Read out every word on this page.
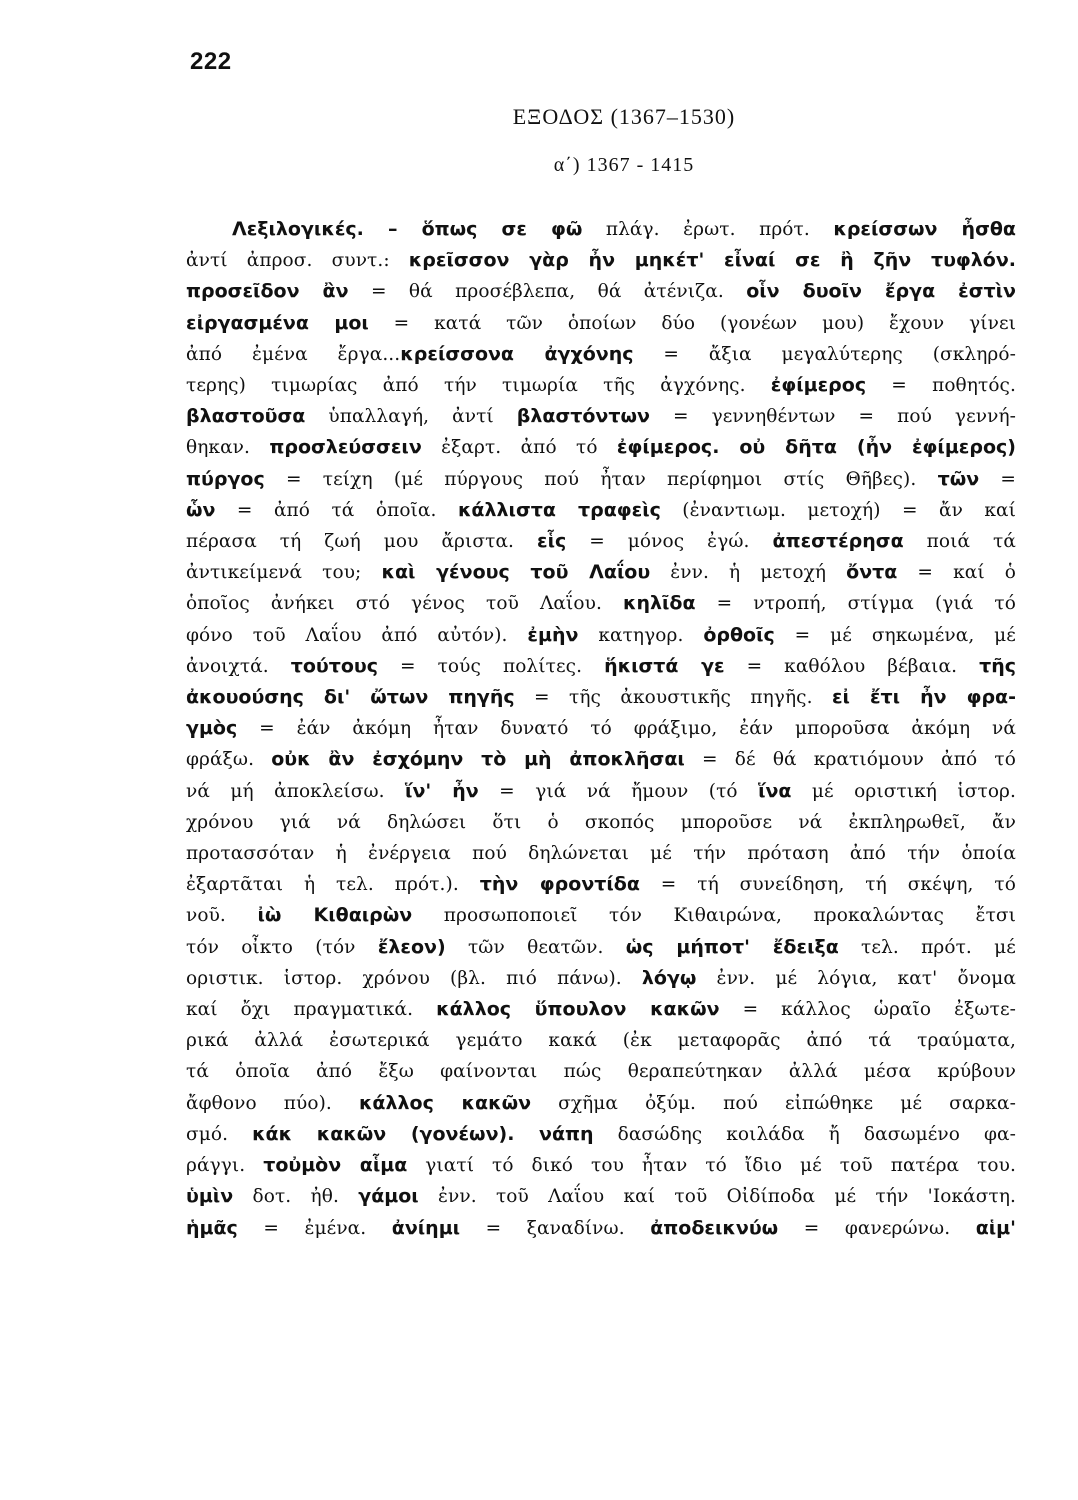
222
ΕΞΟΔΟΣ (1367–1530)
α΄) 1367 - 1415
Λεξιλογικές. – ὅπως σε φῶ πλάγ. ἐρωτ. πρότ. κρείσσων ἦσθα
ἀντί ἀπροσ. συντ.: κρεῖσσον γὰρ ἦν μηκέτ' εἶναί σε ἢ ζῆν τυφλόν.
προσεῖδον ἂν = θά προσέβλεπα, θά ἀτένιζα. οἷν δυοῖν ἔργα ἐστὶν
εἰργασμένα μοι = κατά τῶν ὁποίων δύο (γονέων μου) ἔχουν γίνει
ἀπό ἐμένα ἔργα...κρείσσονα ἀγχόνης = ἄξια μεγαλύτερης (σκληρό-
τερης) τιμωρίας ἀπό τήν τιμωρία τῆς ἀγχόνης. ἐφίμερος = ποθητός.
βλαστοῦσα ὑπαλλαγή, ἀντί βλαστόντων = γεννηθέντων = πού γεννή-
θηκαν. προσλεύσσειν ἐξαρτ. ἀπό τό ἐφίμερος. οὐ δῆτα (ἦν ἐφίμερος)
πύργος = τείχη (μέ πύργους πού ἦταν περίφημοι στίς Θῆβες). τῶν =
ὧν = ἀπό τά ὁποῖα. κάλλιστα τραφεὶς (ἐναντιωμ. μετοχή) = ἄν καί
πέρασα τή ζωή μου ἄριστα. εἷς = μόνος ἐγώ. ἀπεστέρησα ποιά τά
ἀντικείμενά του; καὶ γένους τοῦ Λαΐου ἐνν. ἡ μετοχή ὄντα = καί ὁ
ὁποῖος ἀνήκει στό γένος τοῦ Λαΐου. κηλῖδα = ντροπή, στίγμα (γιά τό
φόνο τοῦ Λαΐου ἀπό αὐτόν). ἐμὴν κατηγορ. ὀρθοῖς = μέ σηκωμένα, μέ
ἀνοιχτά. τούτους = τούς πολίτες. ἥκιστά γε = καθόλου βέβαια. τῆς
ἀκουούσης δι' ὤτων πηγῆς = τῆς ἀκουστικῆς πηγῆς. εἰ ἔτι ἦν φρα-
γμὸς = ἐάν ἀκόμη ἦταν δυνατό τό φράξιμο, ἐάν μποροῦσα ἀκόμη νά
φράξω. οὐκ ἂν ἐσχόμην τὸ μὴ ἀποκλῆσαι = δέ θά κρατιόμουν ἀπό τό
νά μή ἀποκλείσω. ἵν' ἦν = γιά νά ἤμουν (τό ἵνα μέ οριστική ἱστορ.
χρόνου γιά νά δηλώσει ὅτι ὁ σκοπός μποροῦσε νά ἐκπληρωθεῖ, ἄν
προτασσόταν ἡ ἐνέργεια πού δηλώνεται μέ τήν πρόταση ἀπό τήν ὁποία
ἐξαρτᾶται ἡ τελ. πρότ.). τὴν φροντίδα = τή συνείδηση, τή σκέψη, τό
νοῦ. ἰὼ Κιθαιρὼν προσωποποιεῖ τόν Κιθαιρώνα, προκαλώντας ἔτσι
τόν οἶκτο (τόν ἔλεον) τῶν θεατῶν. ὡς μήποτ' ἔδειξα τελ. πρότ. μέ
οριστικ. ἱστορ. χρόνου (βλ. πιό πάνω). λόγῳ ἐνν. μέ λόγια, κατ' ὄνομα
καί ὄχι πραγματικά. κάλλος ὕπουλον κακῶν = κάλλος ὡραῖο ἐξωτε-
ρικά ἀλλά ἐσωτερικά γεμάτο κακά (ἐκ μεταφορᾶς ἀπό τά τραύματα,
τά ὁποῖα ἀπό ἔξω φαίνονται πώς θεραπεύτηκαν ἀλλά μέσα κρύβουν
ἄφθονο πύο). κάλλος κακῶν σχῆμα ὀξύμ. πού εἰπώθηκε μέ σαρκα-
σμό. κάκ κακῶν (γονέων). νάπη δασώδης κοιλάδα ἤ δασωμένο φα-
ράγγι. τοὐμὸν αἷμα γιατί τό δικό του ἦταν τό ἴδιο μέ τοῦ πατέρα του.
ὑμὶν δοτ. ἠθ. γάμοι ἐνν. τοῦ Λαΐου καί τοῦ Οἰδίποδα μέ τήν 'Ιοκάστη.
ἡμᾶς = ἐμένα. ἀνίημι = ξαναδίνω. ἀποδεικνύω = φανερώνω. αἱμ'
